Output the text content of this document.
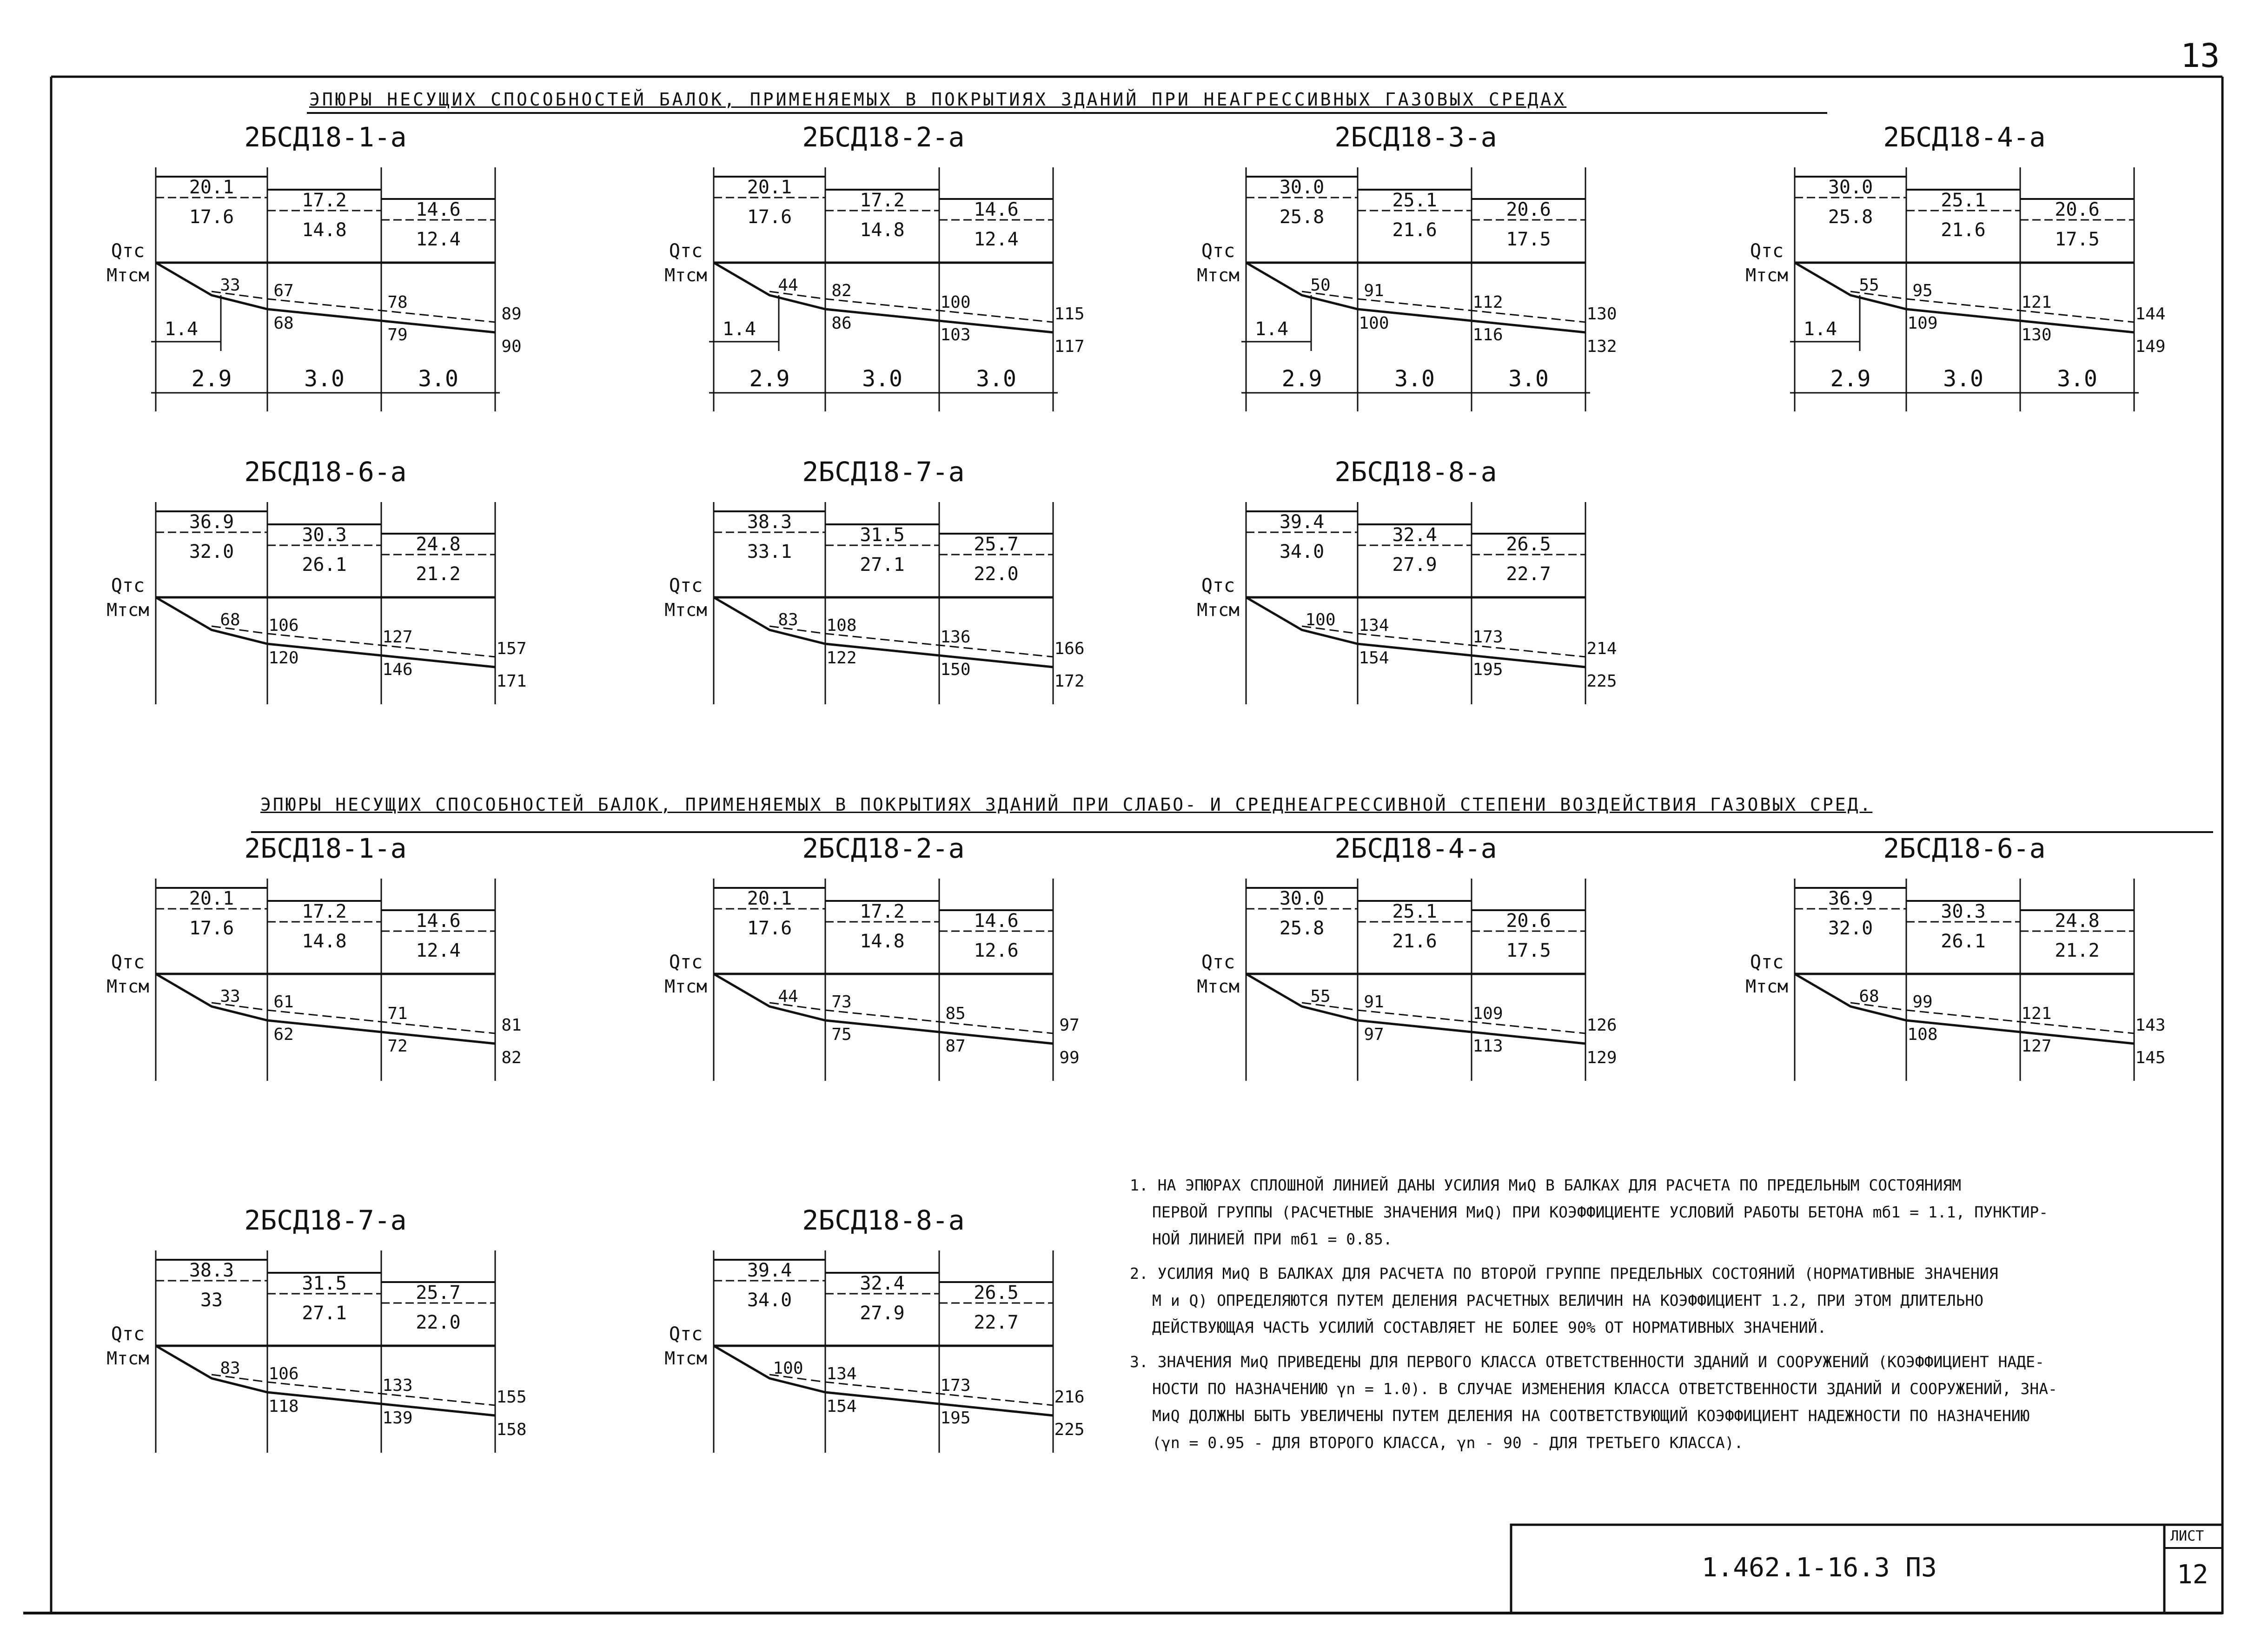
13
ЭПЮРЫ НЕСУЩИХ СПОСОБНОСТЕЙ БАЛОК, ПРИМЕНЯЕМЫХ В ПОКРЫТИЯХ ЗДАНИЙ ПРИ НЕАГРЕССИВНЫХ ГАЗОВЫХ СРЕДАХ
ЭПЮРЫ НЕСУЩИХ СПОСОБНОСТЕЙ БАЛОК, ПРИМЕНЯЕМЫХ В ПОКРЫТИЯХ ЗДАНИЙ ПРИ СЛАБО- И СРЕДНЕАГРЕССИВНОЙ СТЕПЕНИ ВОЗДЕЙСТВИЯ ГАЗОВЫХ СРЕД.
2БСД18-1-а
20.1
17.6
17.2
14.8
14.6
12.4
Qтс
Мтсм	33 67
68
78
79
89
90
2.9	3.0	3.0
1.4
2БСД18-2-а
20.1
17.6
17.2
14.8
14.6
12.4
Qтс
Мтсм	44 82
86
100
103
115
117
2.9	3.0	3.0
1.4
2БСД18-3-а
30.0
25.8
25.1
21.6
20.6
17.5
Qтс
Мтсм	50 91
100
112
116
130
132
2.9	3.0	3.0
1.4
2БСД18-4-а
30.0
25.8
25.1
21.6
20.6
17.5
Qтс
Мтсм	55 95
109
121
130
144
149
2.9	3.0	3.0
1.4
2БСД18-6-а
36.9
32.0
30.3
26.1
24.8
21.2
Qтс
Мтсм	68 106
120
127
146
157
171
2БСД18-7-а
38.3
33.1
31.5
27.1
25.7
22.0
Qтс
Мтсм	83 108
122
136
150
166
172
2БСД18-8-а
39.4
34.0
32.4
27.9
26.5
22.7
Qтс
Мтсм	100 134
154
173
195
214
225
2БСД18-1-а
20.1
17.6
17.2
14.8
14.6
12.4
Qтс
Мтсм	33 61
62
71
72
81
82
2БСД18-2-а
20.1
17.6
17.2
14.8
14.6
12.6
Qтс
Мтсм	44 73
75
85
87
97
99
2БСД18-4-а
30.0
25.8
25.1
21.6
20.6
17.5
Qтс
Мтсм	55 91
97
109
113
126
129
2БСД18-6-а
36.9
32.0
30.3
26.1
24.8
21.2
Qтс
Мтсм	68 99
108
121
127
143
145
2БСД18-7-а
38.3
33
31.5
27.1
25.7
22.0
Qтс
Мтсм	83 106
118
133
139
155
158
2БСД18-8-а
39.4
34.0
32.4
27.9
26.5
22.7
Qтс
Мтсм	100 134
154
173
195
216
225
1. НА ЭПЮРАХ СПЛОШНОЙ ЛИНИЕЙ ДАНЫ УСИЛИЯ МиQ В БАЛКАХ ДЛЯ РАСЧЕТА ПО ПРЕДЕЛЬНЫМ СОСТОЯНИЯМ
ПЕРВОЙ ГРУППЫ (РАСЧЕТНЫЕ ЗНАЧЕНИЯ МиQ) ПРИ КОЭФФИЦИЕНТЕ УСЛОВИЙ РАБОТЫ БЕТОНА mб1 = 1.1, ПУНКТИР-
НОЙ ЛИНИЕЙ ПРИ mб1 = 0.85.
2. УСИЛИЯ МиQ В БАЛКАХ ДЛЯ РАСЧЕТА ПО ВТОРОЙ ГРУППЕ ПРЕДЕЛЬНЫХ СОСТОЯНИЙ (НОРМАТИВНЫЕ ЗНАЧЕНИЯ
М и Q) ОПРЕДЕЛЯЮТСЯ ПУТЕМ ДЕЛЕНИЯ РАСЧЕТНЫХ ВЕЛИЧИН НА КОЭФФИЦИЕНТ 1.2, ПРИ ЭТОМ ДЛИТЕЛЬНО
ДЕЙСТВУЮЩАЯ ЧАСТЬ УСИЛИЙ СОСТАВЛЯЕТ НЕ БОЛЕЕ 90% ОТ НОРМАТИВНЫХ ЗНАЧЕНИЙ.
3. ЗНАЧЕНИЯ МиQ ПРИВЕДЕНЫ ДЛЯ ПЕРВОГО КЛАССА ОТВЕТСТВЕННОСТИ ЗДАНИЙ И СООРУЖЕНИЙ (КОЭФФИЦИЕНТ НАДЕ-
НОСТИ ПО НАЗНАЧЕНИЮ γn = 1.0). В СЛУЧАЕ ИЗМЕНЕНИЯ КЛАССА ОТВЕТСТВЕННОСТИ ЗДАНИЙ И СООРУЖЕНИЙ, ЗНА-
МиQ ДОЛЖНЫ БЫТЬ УВЕЛИЧЕНЫ ПУТЕМ ДЕЛЕНИЯ НА СООТВЕТСТВУЮЩИЙ КОЭФФИЦИЕНТ НАДЕЖНОСТИ ПО НАЗНАЧЕНИЮ
(γn = 0.95 - ДЛЯ ВТОРОГО КЛАССА, γn - 90 - ДЛЯ ТРЕТЬЕГО КЛАССА).
1.462.1-16.3 ПЗ
ЛИСТ
12
